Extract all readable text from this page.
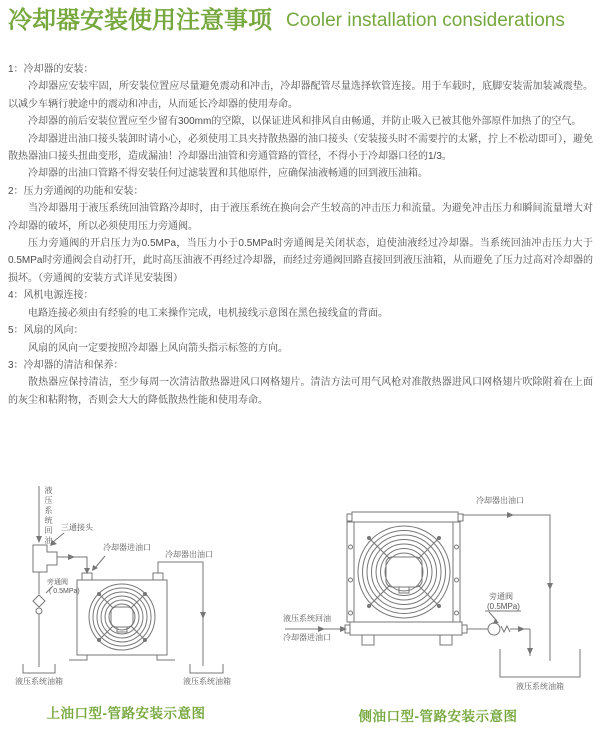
冷却器安装使用注意事项 Cooler installation considerations

1：冷却器的安装：

冷却器应安装牢固，所安装位置应尽量避免震动和冲击，冷却器配管尽量选择软管连接。用于车载时，底脚安装需加装减震垫。以减少车辆行驶途中的震动和冲击，从而延长冷却器的使用寿命。

冷却器的前后安装位置应至少留有300mm的空隙，以保证进风和排风自由畅通，并防止吸入已被其他外部原件加热了的空气。

冷却器进出油口接头装卸时请小心，必须使用工具夹持散热器的油口接头（安装接头时不需要拧的太紧，拧上不松动即可），避免散热器油口接头扭曲变形，造成漏油！冷却器出油管和旁通管路的管径，不得小于冷却器口径的1/3。

冷却器的出油口管路不得安装任何过滤装置和其他原件，应确保油液畅通的回到液压油箱。

2：压力旁通阀的功能和安装：

当冷却器用于液压系统回油管路冷却时，由于液压系统在换向会产生较高的冲击压力和流量。为避免冲击压力和瞬间流量增大对冷却器的破坏，所以必须使用压力旁通阀。

压力旁通阀的开启压力为0.5MPa，当压力小于0.5MPa时旁通阀是关闭状态，迫使油液经过冷却器。当系统回油冲击压力大于0.5MPa时旁通阀会自动打开，此时高压油液不再经过冷却器，而经过旁通阀回路直接回到液压油箱，从而避免了压力过高对冷却器的损坏。（旁通阀的安装方式详见安装图）

4：风机电源连接：

电路连接必须由有经验的电工来操作完成，电机接线示意图在黑色接线盒的背面。

5：风扇的风向：

风扇的风向一定要按照冷却器上风向箭头指示标签的方向。

3：冷却器的清洁和保养：

散热器应保持清洁，至少每周一次清洁散热器进风口网格翅片。清洁方法可用气风枪对准散热器进风口网格翅片吹除附着在上面的灰尘和粘附物，否则会大大的降低散热性能和使用寿命。

液压系统回油 三通接头
冷却器进油口
冷却器出油口
旁通阀
( 0.5MPa)
液压系统油箱	液压系统油箱
上油口型-管路安装示意图
冷却器出油口
液压系统回油
冷却器进油口
旁通阀
(0.5MPa)
液压系统油箱
侧油口型-管路安装示意图
